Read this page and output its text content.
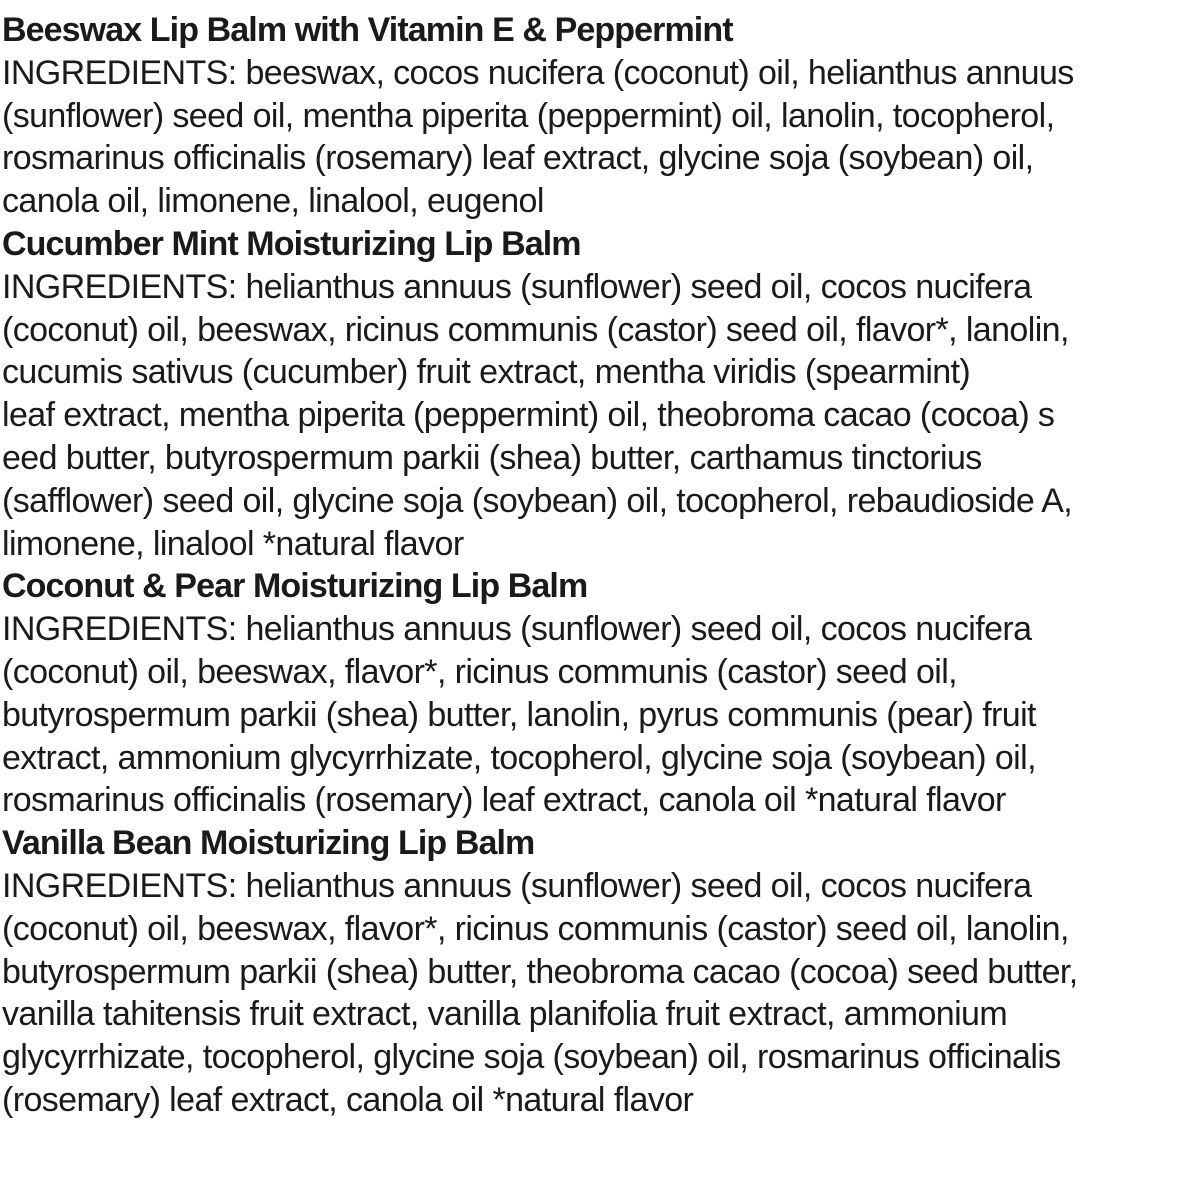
Beeswax Lip Balm with Vitamin E & Peppermint
INGREDIENTS: beeswax, cocos nucifera (coconut) oil, helianthus annuus
(sunflower) seed oil, mentha piperita (peppermint) oil, lanolin, tocopherol,
rosmarinus officinalis (rosemary) leaf extract, glycine soja (soybean) oil,
canola oil, limonene, linalool, eugenol
Cucumber Mint Moisturizing Lip Balm
INGREDIENTS: helianthus annuus (sunflower) seed oil, cocos nucifera
(coconut) oil, beeswax, ricinus communis (castor) seed oil, flavor*, lanolin,
cucumis sativus (cucumber) fruit extract, mentha viridis (spearmint)
leaf extract, mentha piperita (peppermint) oil, theobroma cacao (cocoa) s
eed butter, butyrospermum parkii (shea) butter, carthamus tinctorius
(safflower) seed oil, glycine soja (soybean) oil, tocopherol, rebaudioside A,
limonene, linalool *natural flavor
Coconut & Pear Moisturizing Lip Balm
INGREDIENTS: helianthus annuus (sunflower) seed oil, cocos nucifera
(coconut) oil, beeswax, flavor*, ricinus communis (castor) seed oil,
butyrospermum parkii (shea) butter, lanolin, pyrus communis (pear) fruit
extract, ammonium glycyrrhizate, tocopherol, glycine soja (soybean) oil,
rosmarinus officinalis (rosemary) leaf extract, canola oil *natural flavor
Vanilla Bean Moisturizing Lip Balm
INGREDIENTS: helianthus annuus (sunflower) seed oil, cocos nucifera
(coconut) oil, beeswax, flavor*, ricinus communis (castor) seed oil, lanolin,
butyrospermum parkii (shea) butter, theobroma cacao (cocoa) seed butter,
vanilla tahitensis fruit extract, vanilla planifolia fruit extract, ammonium
glycyrrhizate, tocopherol, glycine soja (soybean) oil, rosmarinus officinalis
(rosemary) leaf extract, canola oil *natural flavor
